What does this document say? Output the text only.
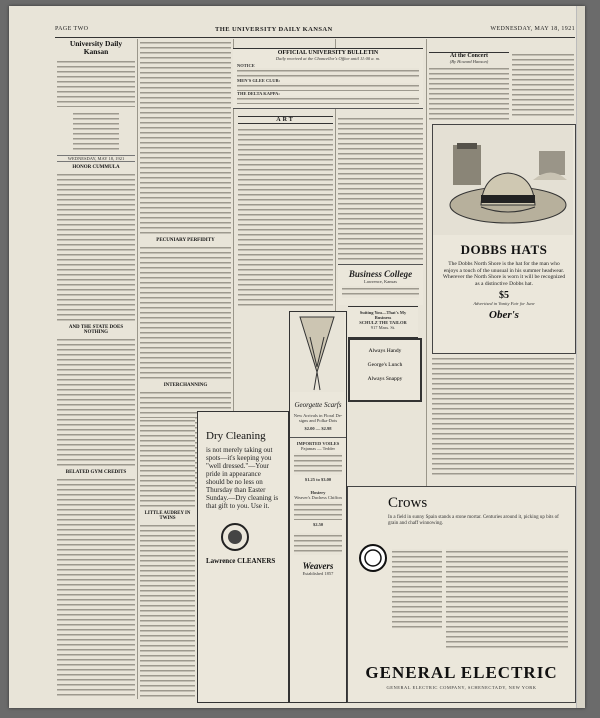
PAGE TWO	THE UNIVERSITY DAILY KANSAN	WEDNESDAY, MAY 18, 1921
University Daily Kansan
WEDNESDAY, MAY 18, 1921
HONOR CUMMULA
AND THE STATE DOES NOTHING
BELATED GYM CREDITS
PECUNIARY PERFIDITY
INTERCHANNING
OFFICIAL UNIVERSITY BULLETIN
Daily received at the Chancellor's Office until 11:00 a. m.
NOTICE
MEN'S GLEE CLUB:
THE DELTA KAPPA:
ART
Business College
Lawrence, Kansas
Suiting You—That's My
Business
SCHULZ THE TAILOR
917 Mass. St.
Always Handy
George's Lunch
Always Snappy
At the Concert
(By Howard Hanson)
DOBBS HATS
The Dobbs North Shore is the hat for the man who enjoys a touch of the unusual in his summer headwear. Wherever the North Shore is worn it will be recognized as a distinctive Dobbs hat.
$5
Advertised in Vanity Fair for June
Ober's
Dry Cleaning
is not merely taking out spots—it's keeping you "well dressed."—Your pride in appearance should be no less on Thursday than Easter Sunday.—Dry cleaning is that gift to you. Use it.
Lawrence CLEANERS
Georgette Scarfs
New Arrivals in Floral De-
signs and Polka-Dots
$2.00 — $2.98
IMPORTED VOILES
Pajamas — Tedder
$1.25 to $3.00
Hosiery
Weaver's Duchess Chiffon
$2.50
Weavers
Established 1857
LITTLE AUDREY IN TWINS
Crows
In a field in sunny Spain stands a stone mortar. Centuries around it, picking up bits of grain and chaff winnowing.
GENERAL ELECTRIC
GENERAL ELECTRIC COMPANY, SCHENECTADY, NEW YORK
